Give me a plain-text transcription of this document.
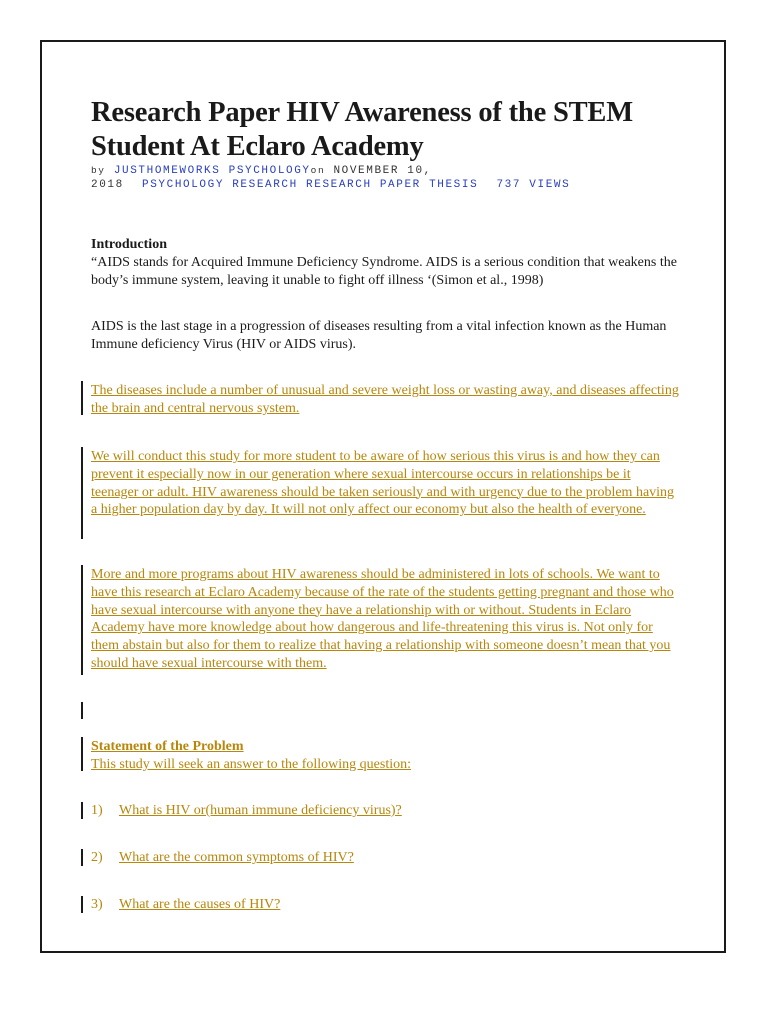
Research Paper HIV Awareness of the STEM Student At Eclaro Academy
by JUSTHOMEWORKS PSYCHOLOGYon NOVEMBER 10,
2018 PSYCHOLOGY RESEARCH RESEARCH PAPER THESIS 737 VIEWS
Introduction
“AIDS stands for Acquired Immune Deficiency Syndrome. AIDS is a serious condition that weakens the body’s immune system, leaving it unable to fight off illness ‘(Simon et al., 1998)
AIDS is the last stage in a progression of diseases resulting from a vital infection known as the Human Immune deficiency Virus (HIV or AIDS virus).
The diseases include a number of unusual and severe weight loss or wasting away, and diseases affecting the brain and central nervous system.
We will conduct this study for more student to be aware of how serious this virus is and how they can prevent it especially now in our generation where sexual intercourse occurs in relationships be it teenager or adult. HIV awareness should be taken seriously and with urgency due to the problem having a higher population day by day. It will not only affect our economy but also the health of everyone.
More and more programs about HIV awareness should be administered in lots of schools. We want to have this research at Eclaro Academy because of the rate of the students getting pregnant and those who have sexual intercourse with anyone they have a relationship with or without. Students in Eclaro Academy have more knowledge about how dangerous and life-threatening this virus is. Not only for them abstain but also for them to realize that having a relationship with someone doesn’t mean that you should have sexual intercourse with them.
Statement of the Problem
This study will seek an answer to the following question:
1) What is HIV or(human immune deficiency virus)?
2) What are the common symptoms of HIV?
3) What are the causes of HIV?
